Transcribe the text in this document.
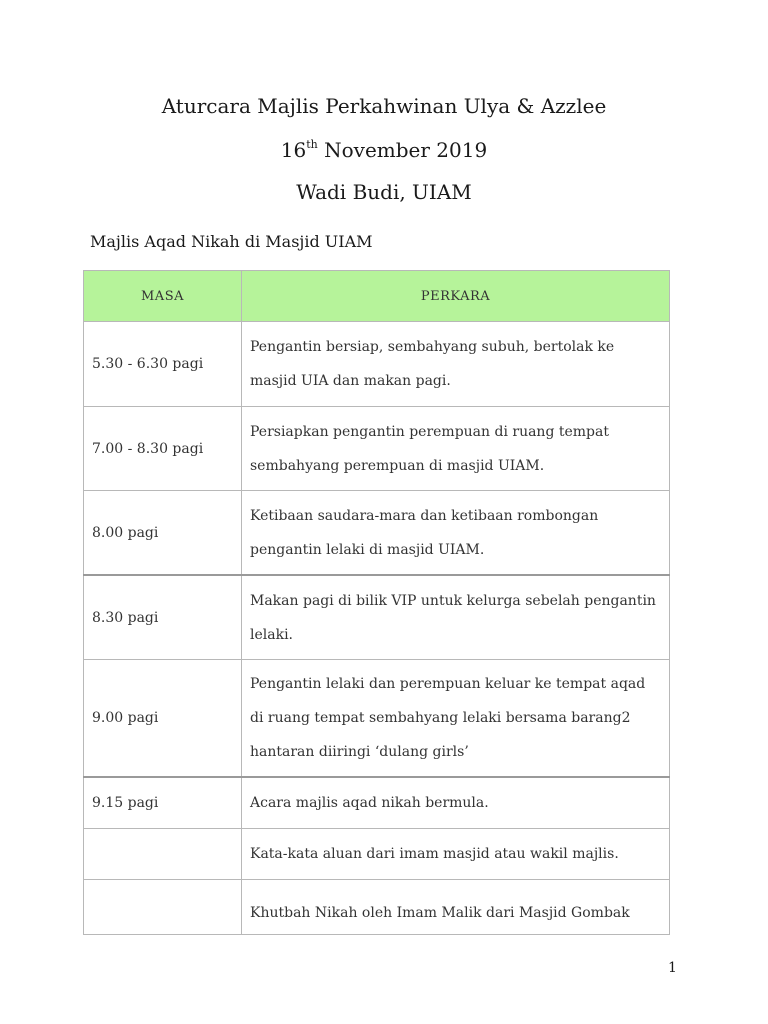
Aturcara Majlis Perkahwinan Ulya & Azzlee
16th November 2019
Wadi Budi, UIAM
Majlis Aqad Nikah di Masjid UIAM
MASA	PERKARA
5.30 - 6.30 pagi	Pengantin bersiap, sembahyang subuh, bertolak ke masjid UIA dan makan pagi.
7.00 - 8.30 pagi	Persiapkan pengantin perempuan di ruang tempat sembahyang perempuan di masjid UIAM.
8.00 pagi	Ketibaan saudara-mara dan ketibaan rombongan pengantin lelaki di masjid UIAM.
8.30 pagi	Makan pagi di bilik VIP untuk kelurga sebelah pengantin lelaki.
9.00 pagi	Pengantin lelaki dan perempuan keluar ke tempat aqad di ruang tempat sembahyang lelaki bersama barang2 hantaran diiringi ‘dulang girls’
9.15 pagi	Acara majlis aqad nikah bermula.
	Kata-kata aluan dari imam masjid atau wakil majlis.
	Khutbah Nikah oleh Imam Malik dari Masjid Gombak
1
